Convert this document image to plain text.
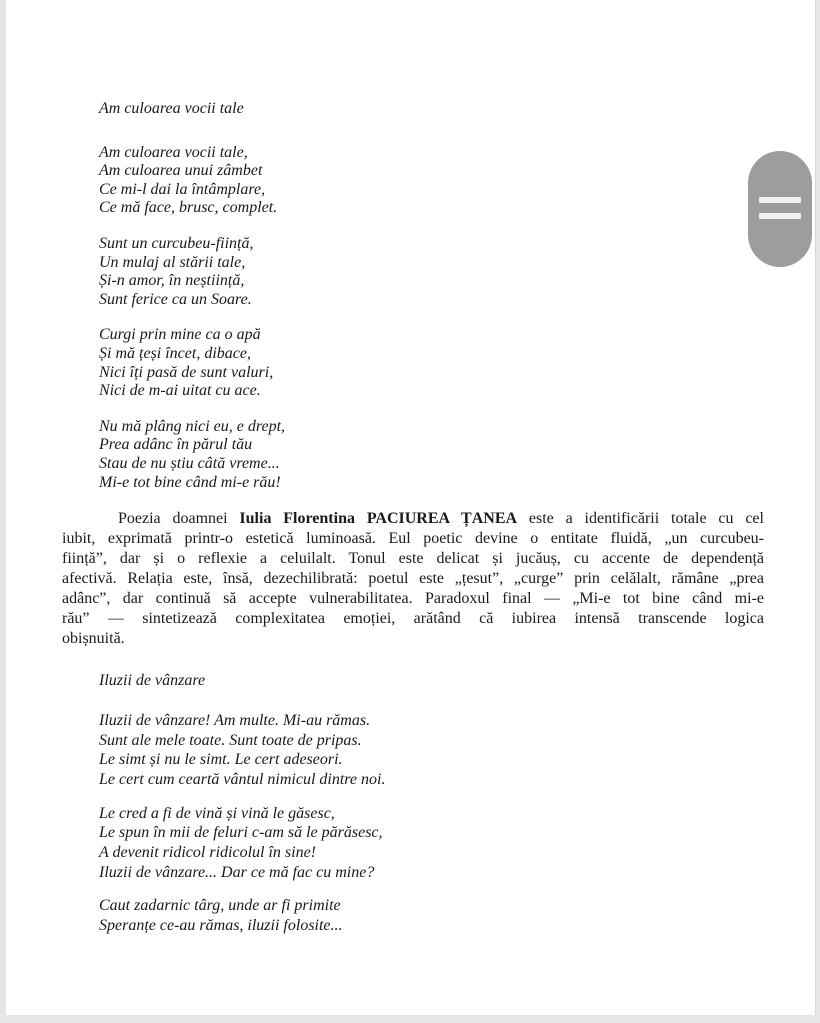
Am culoarea vocii tale
Am culoarea vocii tale,
Am culoarea unui zâmbet
Ce mi-l dai la întâmplare,
Ce mă face, brusc, complet.
Sunt un curcubeu-ființă,
Un mulaj al stării tale,
Și-n amor, în neștiință,
Sunt ferice ca un Soare.
Curgi prin mine ca o apă
Și mă țeși încet, dibace,
Nici îți pasă de sunt valuri,
Nici de m-ai uitat cu ace.
Nu mă plâng nici eu, e drept,
Prea adânc în părul tău
Stau de nu știu câtă vreme...
Mi-e tot bine când mi-e rău!
Poezia doamnei Iulia Florentina PACIUREA ȚANEA este a identificării totale cu cel
iubit, exprimată printr-o estetică luminoasă. Eul poetic devine o entitate fluidă, „un curcubeu-
ființă”, dar și o reflexie a celuilalt. Tonul este delicat și jucăuș, cu accente de dependență
afectivă. Relația este, însă, dezechilibrată: poetul este „țesut”, „curge” prin celălalt, rămâne „prea
adânc”, dar continuă să accepte vulnerabilitatea. Paradoxul final — „Mi-e tot bine când mi-e
rău” — sintetizează complexitatea emoției, arătând că iubirea intensă transcende logica
obișnuită.
Iluzii de vânzare
Iluzii de vânzare! Am multe. Mi-au rămas.
Sunt ale mele toate. Sunt toate de pripas.
Le simt și nu le simt. Le cert adeseori.
Le cert cum ceartă vântul nimicul dintre noi.
Le cred a fi de vină și vină le găsesc,
Le spun în mii de feluri c-am să le părăsesc,
A devenit ridicol ridicolul în sine!
Iluzii de vânzare... Dar ce mă fac cu mine?
Caut zadarnic târg, unde ar fi primite
Speranțe ce-au rămas, iluzii folosite...
